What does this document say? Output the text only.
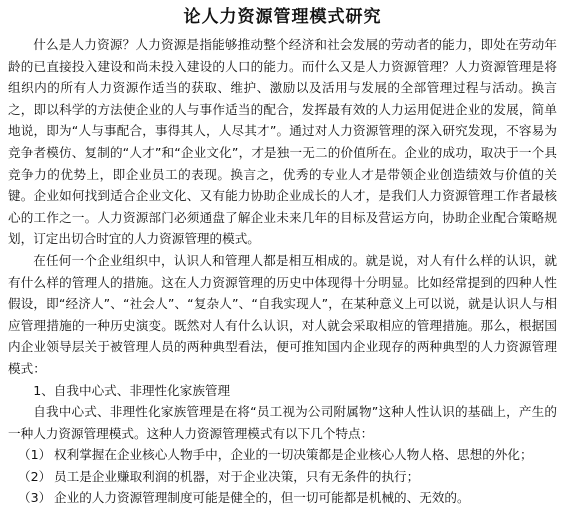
论人力资源管理模式研究

什么是人力资源？人力资源是指能够推动整个经济和社会发展的劳动者的能力，即处在劳动年龄的已直接投入建设和尚未投入建设的人口的能力。而什么又是人力资源管理？人力资源管理是将组织内的所有人力资源作适当的获取、维护、激励以及活用与发展的全部管理过程与活动。换言之，即以科学的方法使企业的人与事作适当的配合，发挥最有效的人力运用促进企业的发展，简单地说，即为“人与事配合，事得其人，人尽其才”。通过对人力资源管理的深入研究发现，不容易为竞争者模仿、复制的“人才”和“企业文化”，才是独一无二的价值所在。企业的成功，取决于一个具竞争力的优势上，即企业员工的表现。换言之，优秀的专业人才是带领企业创造绩效与价值的关键。企业如何找到适合企业文化、又有能力协助企业成长的人才，是我们人力资源管理工作者最核心的工作之一。人力资源部门必须通盘了解企业未来几年的目标及营运方向，协助企业配合策略规划，订定出切合时宜的人力资源管理的模式。

在任何一个企业组织中，认识人和管理人都是相互相成的。就是说，对人有什么样的认识，就有什么样的管理人的措施。这在人力资源管理的历史中体现得十分明显。比如经常提到的四种人性假设，即“经济人”、“社会人”、“复杂人”、“自我实现人”，在某种意义上可以说，就是认识人与相应管理措施的一种历史演变。既然对人有什么认识，对人就会采取相应的管理措施。那么，根据国内企业领导层关于被管理人员的两种典型看法，便可推知国内企业现存的两种典型的人力资源管理模式：

1、自我中心式、非理性化家族管理

自我中心式、非理性化家族管理是在将“员工视为公司附属物”这种人性认识的基础上，产生的一种人力资源管理模式。这种人力资源管理模式有以下几个特点：

（1） 权利掌握在企业核心人物手中，企业的一切决策都是企业核心人物人格、思想的外化；
（2） 员工是企业赚取利润的机器，对于企业决策，只有无条件的执行；
（3） 企业的人力资源管理制度可能是健全的，但一切可能都是机械的、无效的。
